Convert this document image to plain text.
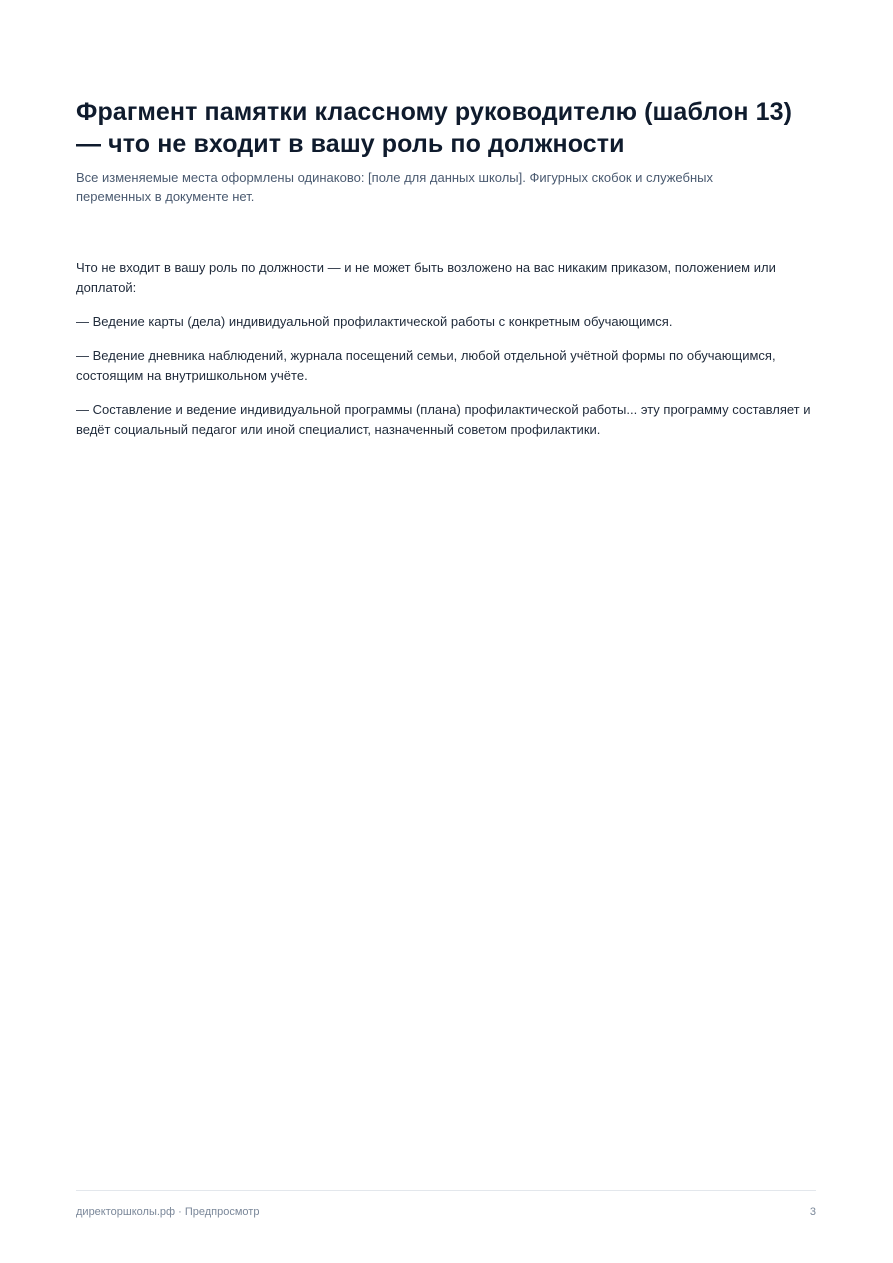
Фрагмент памятки классному руководителю (шаблон 13) — что не входит в вашу роль по должности

Все изменяемые места оформлены одинаково: [поле для данных школы]. Фигурных скобок и служебных переменных в документе нет.

Что не входит в вашу роль по должности — и не может быть возложено на вас никаким приказом, положением или доплатой:

— Ведение карты (дела) индивидуальной профилактической работы с конкретным обучающимся.

— Ведение дневника наблюдений, журнала посещений семьи, любой отдельной учётной формы по обучающимся, состоящим на внутришкольном учёте.

— Составление и ведение индивидуальной программы (плана) профилактической работы... эту программу составляет и ведёт социальный педагог или иной специалист, назначенный советом профилактики.

директоршколы.рф · Предпросмотр	3
